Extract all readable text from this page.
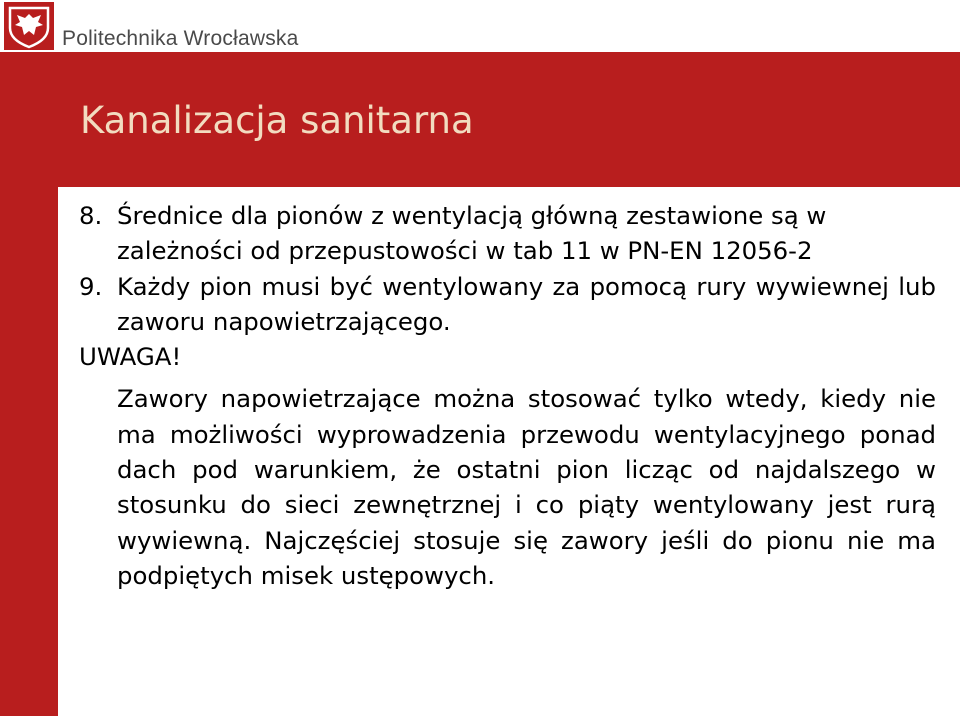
Politechnika Wrocławska
Kanalizacja sanitarna

8. Średnice dla pionów z wentylacją główną zestawione są w zależności od przepustowości w tab 11 w PN-EN 12056-2

9. Każdy pion musi być wentylowany za pomocą rury wywiewnej lub zaworu napowietrzającego.

UWAGA!

Zawory napowietrzające można stosować tylko wtedy, kiedy nie ma możliwości wyprowadzenia przewodu wentylacyjnego ponad dach pod warunkiem, że ostatni pion licząc od najdalszego w stosunku do sieci zewnętrznej i co piąty wentylowany jest rurą wywiewną. Najczęściej stosuje się zawory jeśli do pionu nie ma podpiętych misek ustępowych.
